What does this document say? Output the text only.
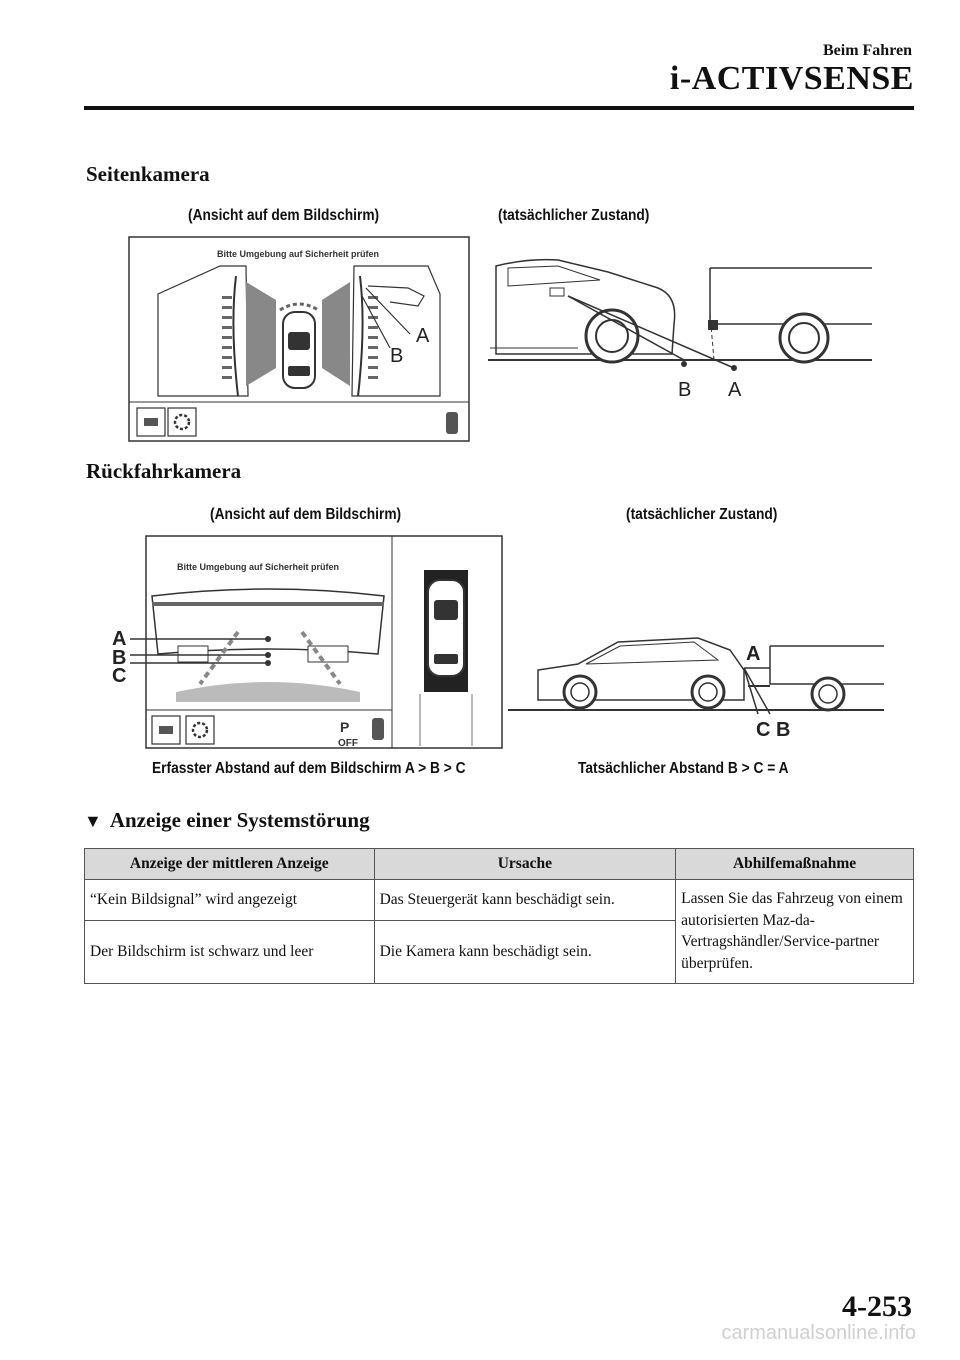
Beim Fahren
i-ACTIVSENSE
Seitenkamera
(Ansicht auf dem Bildschirm)	(tatsächlicher Zustand)
Bitte Umgebung auf Sicherheit prüfen
A
B
B A
Rückfahrkamera
(Ansicht auf dem Bildschirm)	(tatsächlicher Zustand)
Bitte Umgebung auf Sicherheit prüfen
A
B
C
P
OFF
A
C B
Erfasster Abstand auf dem Bildschirm A > B > C	Tatsächlicher Abstand B > C = A
▼ Anzeige einer Systemstörung
Anzeige der mittleren Anzeige	Ursache	Abhilfemaßnahme
“Kein Bildsignal” wird angezeigt	Das Steuergerät kann beschädigt sein.	Lassen Sie das Fahrzeug von einem autorisierten Maz-da-Vertragshändler/Service-partner überprüfen.
Der Bildschirm ist schwarz und leer	Die Kamera kann beschädigt sein.	
4-253
carmanualsonline.info
